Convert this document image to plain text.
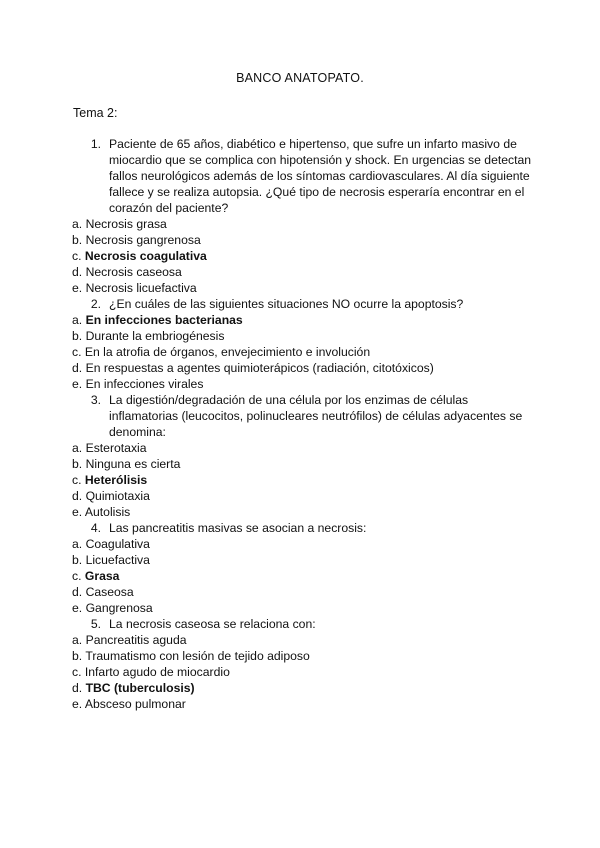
BANCO ANATOPATO.
Tema 2:
1. Paciente de 65 años, diabético e hipertenso, que sufre un infarto masivo de miocardio que se complica con hipotensión y shock. En urgencias se detectan fallos neurológicos además de los síntomas cardiovasculares. Al día siguiente fallece y se realiza autopsia. ¿Qué tipo de necrosis esperaría encontrar en el corazón del paciente?
a. Necrosis grasa
b. Necrosis gangrenosa
c. Necrosis coagulativa
d. Necrosis caseosa
e. Necrosis licuefactiva
2. ¿En cuáles de las siguientes situaciones NO ocurre la apoptosis?
a. En infecciones bacterianas
b. Durante la embriogénesis
c. En la atrofia de órganos, envejecimiento e involución
d. En respuestas a agentes quimioterápicos (radiación, citotóxicos)
e. En infecciones virales
3. La digestión/degradación de una célula por los enzimas de células inflamatorias (leucocitos, polinucleares neutrófilos) de células adyacentes se denomina:
a. Esterotaxia
b. Ninguna es cierta
c. Heterólisis
d. Quimiotaxia
e. Autolisis
4. Las pancreatitis masivas se asocian a necrosis:
a. Coagulativa
b. Licuefactiva
c. Grasa
d. Caseosa
e. Gangrenosa
5. La necrosis caseosa se relaciona con:
a. Pancreatitis aguda
b. Traumatismo con lesión de tejido adiposo
c. Infarto agudo de miocardio
d. TBC (tuberculosis)
e. Absceso pulmonar
